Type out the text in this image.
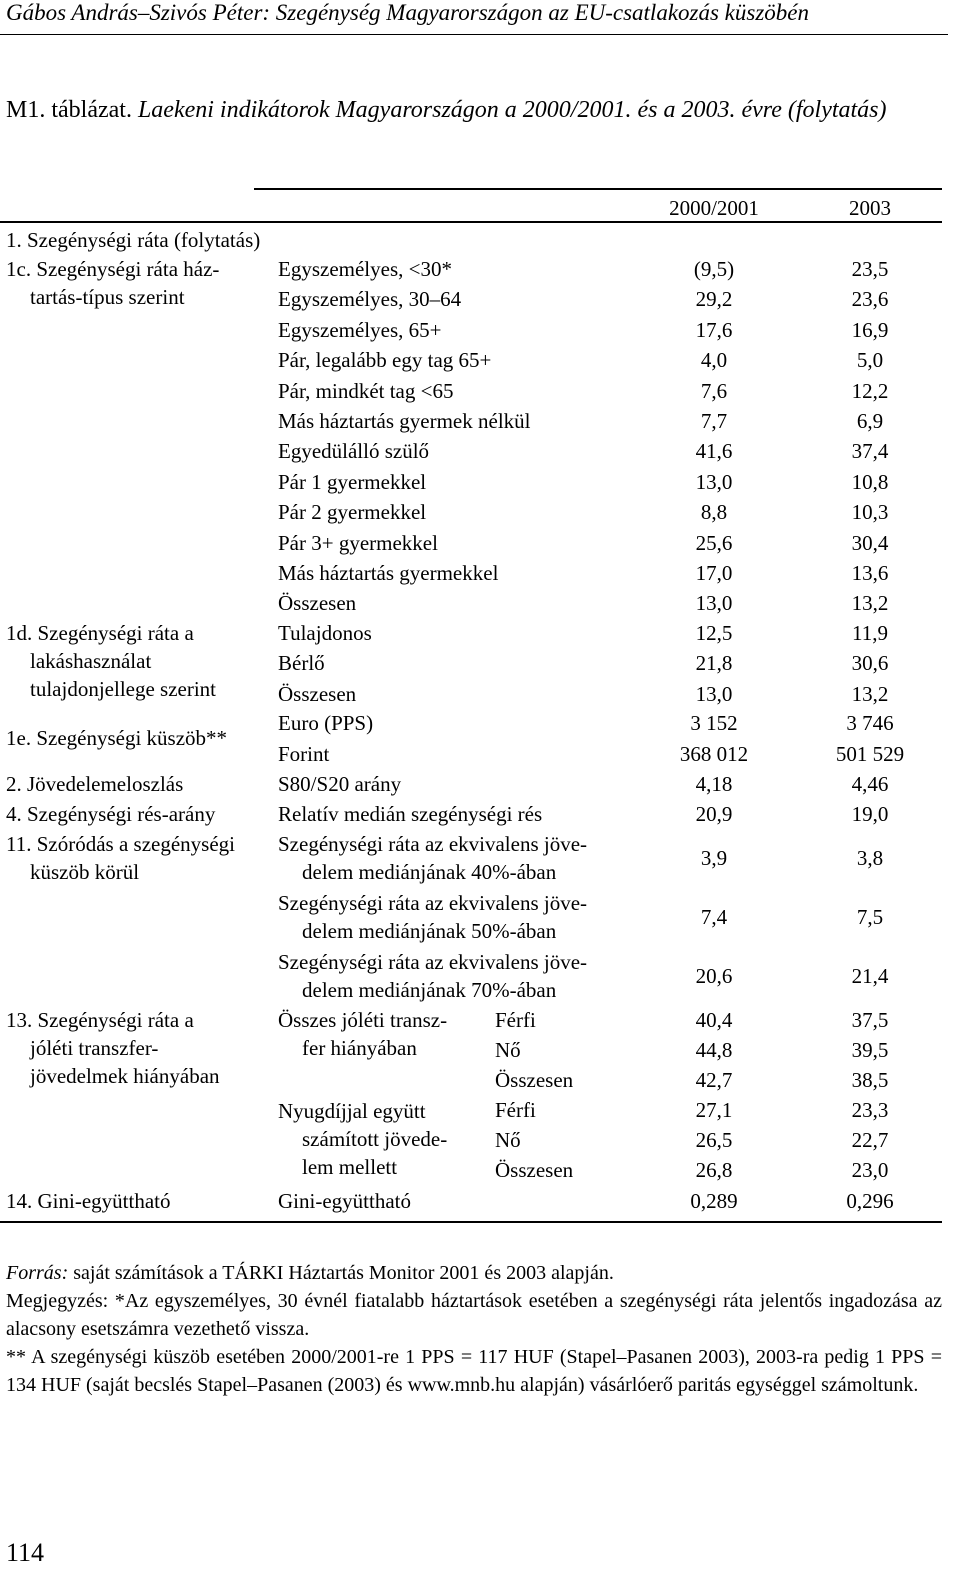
Gábos András–Szivós Péter: Szegénység Magyarországon az EU-csatlakozás küszöbén
M1. táblázat. Laekeni indikátorok Magyarországon a 2000/2001. és a 2003. évre (folytatás)
2000/2001	2003
1. Szegénységi ráta (folytatás)
1c. Szegénységi ráta ház-
tartás-típus szerint
Egyszemélyes, <30*	(9,5)	23,5
Egyszemélyes, 30–64	29,2	23,6
Egyszemélyes, 65+	17,6	16,9
Pár, legalább egy tag 65+	4,0	5,0
Pár, mindkét tag <65	7,6	12,2
Más háztartás gyermek nélkül	7,7	6,9
Egyedülálló szülő	41,6	37,4
Pár 1 gyermekkel	13,0	10,8
Pár 2 gyermekkel	8,8	10,3
Pár 3+ gyermekkel	25,6	30,4
Más háztartás gyermekkel	17,0	13,6
Összesen	13,0	13,2
1d. Szegénységi ráta a
lakáshasználat
tulajdonjellege szerint
Tulajdonos	12,5	11,9
Bérlő	21,8	30,6
Összesen	13,0	13,2
1e. Szegénységi küszöb**
Euro (PPS)	3 152	3 746
Forint	368 012	501 529
2. Jövedelemeloszlás	S80/S20 arány	4,18	4,46
4. Szegénységi rés-arány	Relatív medián szegénységi rés	20,9	19,0
11. Szóródás a szegénységi
küszöb körül
Szegénységi ráta az ekvivalens jöve-
delem mediánjának 40%-ában
3,9	3,8
Szegénységi ráta az ekvivalens jöve-
delem mediánjának 50%-ában
7,4	7,5
Szegénységi ráta az ekvivalens jöve-
delem mediánjának 70%-ában
20,6	21,4
13. Szegénységi ráta a
jóléti transzfer-
jövedelmek hiányában
Összes jóléti transz-
fer hiányában
Férfi	40,4	37,5
Nő	44,8	39,5
Összesen	42,7	38,5
Nyugdíjjal együtt
számított jövede-
lem mellett
Férfi	27,1	23,3
Nő	26,5	22,7
Összesen	26,8	23,0
14. Gini-együttható	Gini-együttható	0,289	0,296

Forrás: saját számítások a TÁRKI Háztartás Monitor 2001 és 2003 alapján.

Megjegyzés: *Az egyszemélyes, 30 évnél fiatalabb háztartások esetében a szegénységi ráta jelentős ingadozása az alacsony esetszámra vezethető vissza.

** A szegénységi küszöb esetében 2000/2001-re 1 PPS = 117 HUF (Stapel–Pasanen 2003), 2003-ra pedig 1 PPS = 134 HUF (saját becslés Stapel–Pasanen (2003) és www.mnb.hu alapján) vásárlóerő paritás egységgel számoltunk.

114
